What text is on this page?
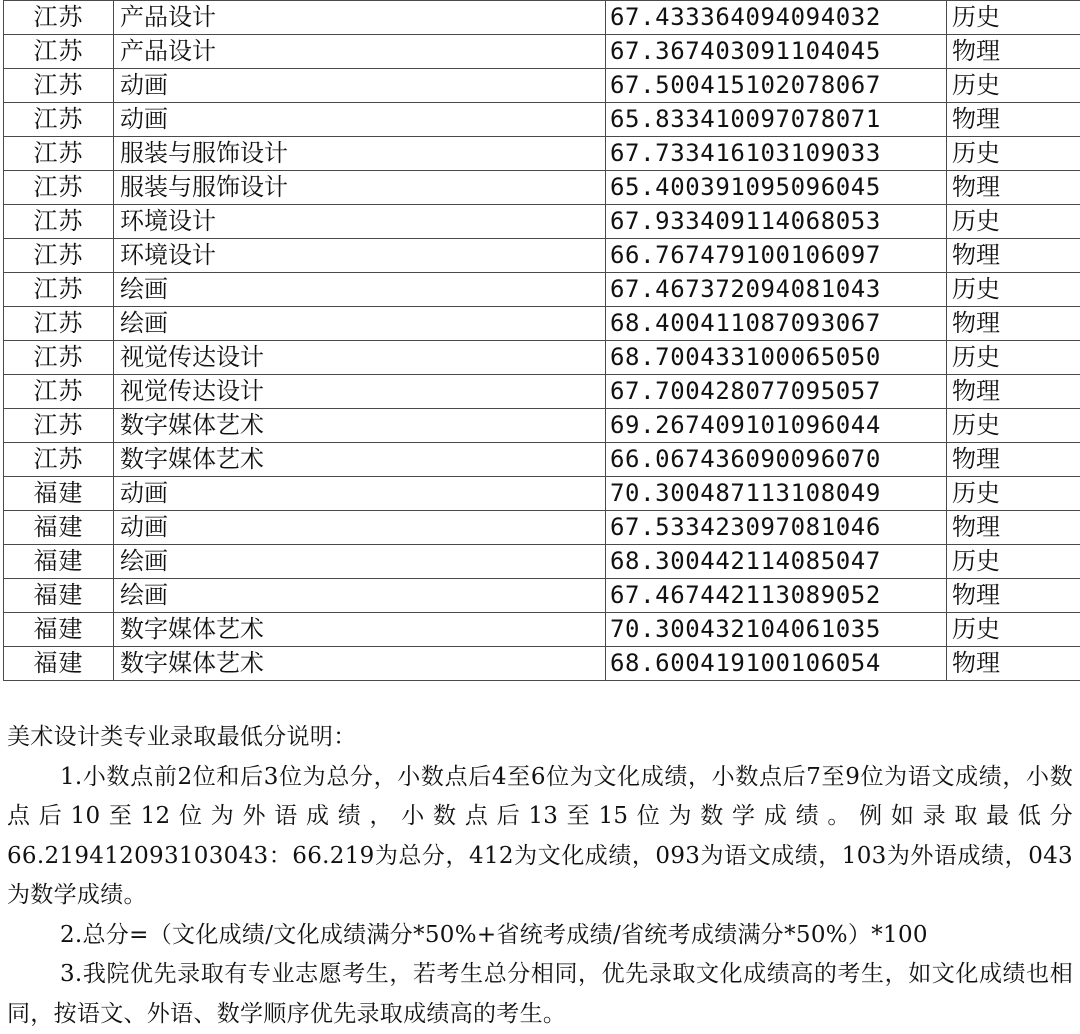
江苏	产品设计	67.433364094094032	历史
江苏	产品设计	67.367403091104045	物理
江苏	动画	67.500415102078067	历史
江苏	动画	65.833410097078071	物理
江苏	服装与服饰设计	67.733416103109033	历史
江苏	服装与服饰设计	65.400391095096045	物理
江苏	环境设计	67.933409114068053	历史
江苏	环境设计	66.767479100106097	物理
江苏	绘画	67.467372094081043	历史
江苏	绘画	68.400411087093067	物理
江苏	视觉传达设计	68.700433100065050	历史
江苏	视觉传达设计	67.700428077095057	物理
江苏	数字媒体艺术	69.267409101096044	历史
江苏	数字媒体艺术	66.067436090096070	物理
福建	动画	70.300487113108049	历史
福建	动画	67.533423097081046	物理
福建	绘画	68.300442114085047	历史
福建	绘画	67.467442113089052	物理
福建	数字媒体艺术	70.300432104061035	历史
福建	数字媒体艺术	68.600419100106054	物理

美术设计类专业录取最低分说明：

1.小数点前2位和后3位为总分，小数点后4至6位为文化成绩，小数点后7至9位为语文成绩，小数点后10至12位为外语成绩，小数点后13至15位为数学成绩。例如录取最低分66.219412093103043：66.219为总分，412为文化成绩，093为语文成绩，103为外语成绩，043为数学成绩。

2.总分=（文化成绩/文化成绩满分*50%+省统考成绩/省统考成绩满分*50%）*100

3.我院优先录取有专业志愿考生，若考生总分相同，优先录取文化成绩高的考生，如文化成绩也相同，按语文、外语、数学顺序优先录取成绩高的考生。
